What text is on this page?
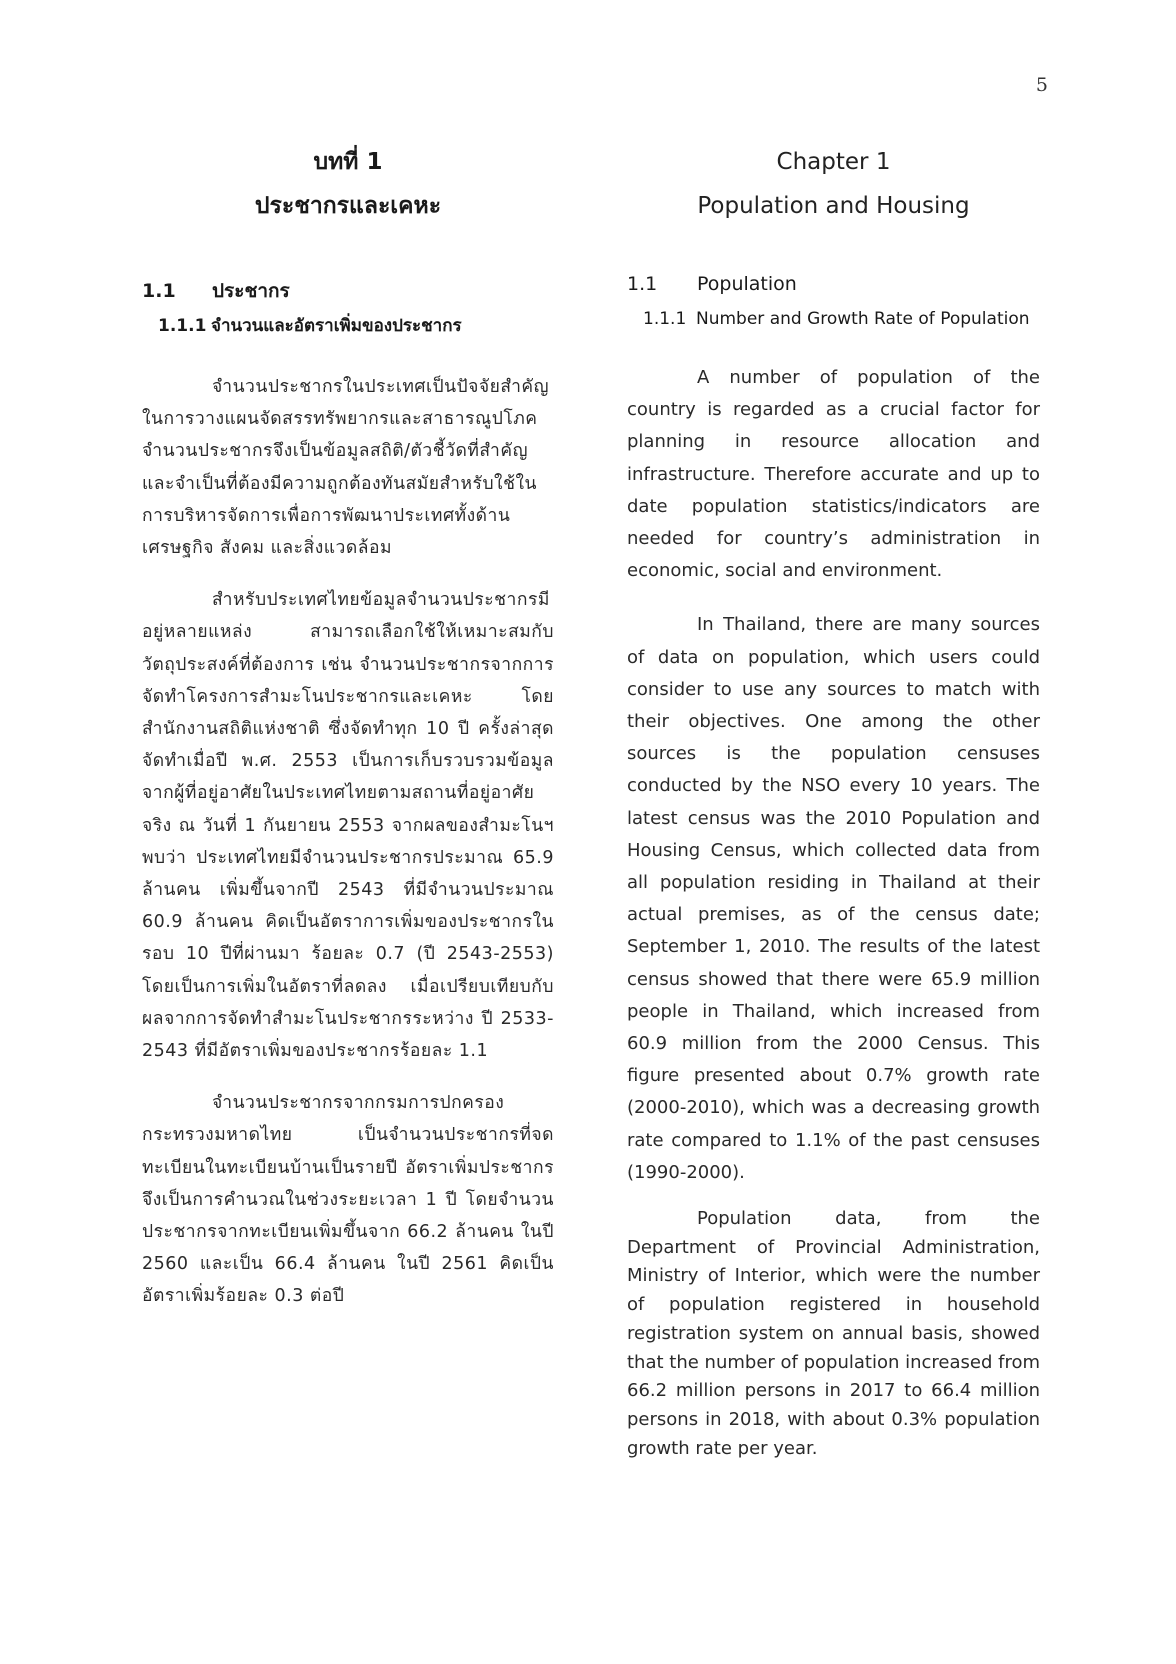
5
บทที่ 1
ประชากรและเคหะ

1.1 ประชากร

1.1.1 จำนวนและอัตราเพิ่มของประชากร

จำนวนประชากรในประเทศเป็นปัจจัยสำคัญในการวางแผนจัดสรรทรัพยากรและสาธารณูปโภค จำนวนประชากรจึงเป็นข้อมูลสถิติ/ตัวชี้วัดที่สำคัญและจำเป็นที่ต้องมีความถูกต้องทันสมัยสำหรับใช้ในการบริหารจัดการเพื่อการพัฒนาประเทศทั้งด้านเศรษฐกิจ สังคม และสิ่งแวดล้อม

สำหรับประเทศไทยข้อมูลจำนวนประชากรมีอยู่หลายแหล่ง สามารถเลือกใช้ให้เหมาะสมกับวัตถุประสงค์ที่ต้องการ เช่น จำนวนประชากรจากการจัดทำโครงการสำมะโนประชากรและเคหะ โดยสำนักงานสถิติแห่งชาติ ซึ่งจัดทำทุก 10 ปี ครั้งล่าสุดจัดทำเมื่อปี พ.ศ. 2553 เป็นการเก็บรวบรวมข้อมูลจากผู้ที่อยู่อาศัยในประเทศไทยตามสถานที่อยู่อาศัยจริง ณ วันที่ 1 กันยายน 2553 จากผลของสำมะโนฯ พบว่า ประเทศไทยมีจำนวนประชากรประมาณ 65.9 ล้านคน เพิ่มขึ้นจากปี 2543 ที่มีจำนวนประมาณ 60.9 ล้านคน คิดเป็นอัตราการเพิ่มของประชากรในรอบ 10 ปีที่ผ่านมา ร้อยละ 0.7 (ปี 2543-2553) โดยเป็นการเพิ่มในอัตราที่ลดลง เมื่อเปรียบเทียบกับผลจากการจัดทำสำมะโนประชากรระหว่าง ปี 2533-2543 ที่มีอัตราเพิ่มของประชากรร้อยละ 1.1

จำนวนประชากรจากกรมการปกครอง กระทรวงมหาดไทย เป็นจำนวนประชากรที่จดทะเบียนในทะเบียนบ้านเป็นรายปี อัตราเพิ่มประชากรจึงเป็นการคำนวณในช่วงระยะเวลา 1 ปี โดยจำนวนประชากรจากทะเบียนเพิ่มขึ้นจาก 66.2 ล้านคน ในปี 2560 และเป็น 66.4 ล้านคน ในปี 2561 คิดเป็นอัตราเพิ่มร้อยละ 0.3 ต่อปี

Chapter 1
Population and Housing

1.1 Population

1.1.1 Number and Growth Rate of Population

A number of population of the country is regarded as a crucial factor for planning in resource allocation and infrastructure. Therefore accurate and up to date population statistics/indicators are needed for country’s administration in economic, social and environment.

In Thailand, there are many sources of data on population, which users could consider to use any sources to match with their objectives. One among the other sources is the population censuses conducted by the NSO every 10 years. The latest census was the 2010 Population and Housing Census, which collected data from all population residing in Thailand at their actual premises, as of the census date; September 1, 2010. The results of the latest census showed that there were 65.9 million people in Thailand, which increased from 60.9 million from the 2000 Census. This figure presented about 0.7% growth rate (2000-2010), which was a decreasing growth rate compared to 1.1% of the past censuses (1990-2000).

Population data, from the Department of Provincial Administration, Ministry of Interior, which were the number of population registered in household registration system on annual basis, showed that the number of population increased from 66.2 million persons in 2017 to 66.4 million persons in 2018, with about 0.3% population growth rate per year.
